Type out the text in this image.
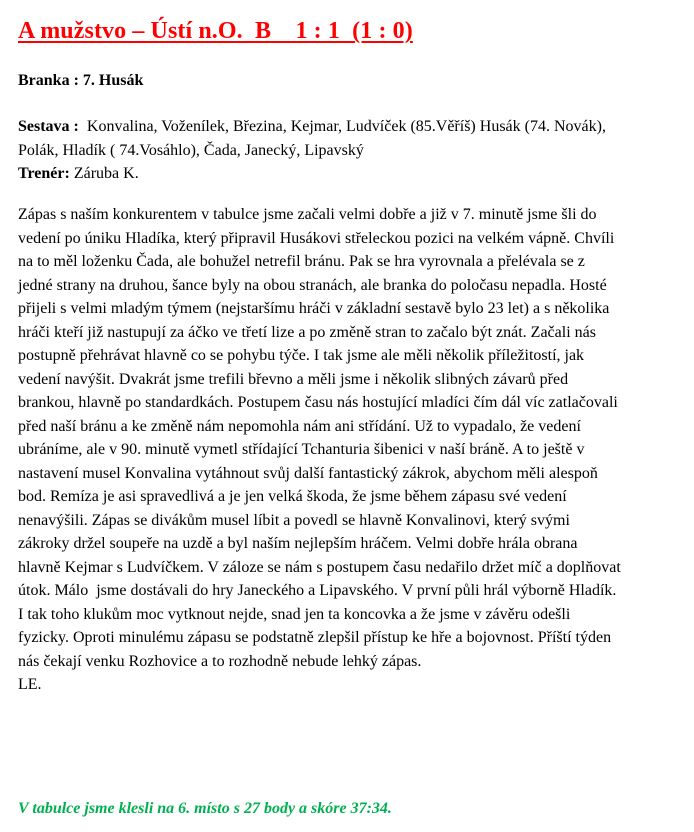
A mužstvo – Ústí n.O.  B    1 : 1  (1 : 0)
Branka : 7. Husák
Sestava :  Konvalina, Voženílek, Březina, Kejmar, Ludvíček (85.Věříš) Husák (74. Novák),
Polák, Hladík ( 74.Vosáhlo), Čada, Janecký, Lipavský
Trenér: Záruba K.
Zápas s naším konkurentem v tabulce jsme začali velmi dobře a již v 7. minutě jsme šli do
vedení po úniku Hladíka, který připravil Husákovi střeleckou pozici na velkém vápně. Chvíli
na to měl loženku Čada, ale bohužel netrefil bránu. Pak se hra vyrovnala a přelévala se z
jedné strany na druhou, šance byly na obou stranách, ale branka do poločasu nepadla. Hosté
přijeli s velmi mladým týmem (nejstaršímu hráči v základní sestavě bylo 23 let) a s několika
hráči kteří již nastupují za áčko ve třetí lize a po změně stran to začalo být znát. Začali nás
postupně přehrávat hlavně co se pohybu týče. I tak jsme ale měli několik příležitostí, jak
vedení navýšit. Dvakrát jsme trefili břevno a měli jsme i několik slibných závarů před
brankou, hlavně po standardkách. Postupem času nás hostující mladíci čím dál víc zatlačovali
před naší bránu a ke změně nám nepomohla nám ani střídání. Už to vypadalo, že vedení
ubráníme, ale v 90. minutě vymetl střídající Tchanturia šibenici v naší bráně. A to ještě v
nastavení musel Konvalina vytáhnout svůj další fantastický zákrok, abychom měli alespoň
bod. Remíza je asi spravedlivá a je jen velká škoda, že jsme během zápasu své vedení
nenavýšili. Zápas se divákům musel líbit a povedl se hlavně Konvalinovi, který svými
zákroky držel soupeře na uzdě a byl naším nejlepším hráčem. Velmi dobře hrála obrana
hlavně Kejmar s Ludvíčkem. V záloze se nám s postupem času nedařilo držet míč a doplňovat
útok. Málo  jsme dostávali do hry Janeckého a Lipavského. V první půli hrál výborně Hladík.
I tak toho klukům moc vytknout nejde, snad jen ta koncovka a že jsme v závěru odešli
fyzicky. Oproti minulému zápasu se podstatně zlepšil přístup ke hře a bojovnost. Příští týden
nás čekají venku Rozhovice a to rozhodně nebude lehký zápas.
LE.
V tabulce jsme klesli na 6. místo s 27 body a skóre 37:34.
